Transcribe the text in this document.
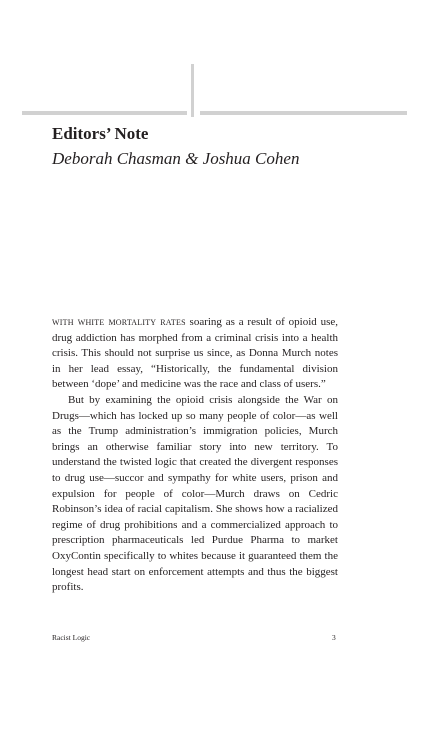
Editors’ Note
Deborah Chasman & Joshua Cohen

with white mortality rates soaring as a result of opioid use, drug addiction has morphed from a criminal crisis into a health crisis. This should not surprise us since, as Donna Murch notes in her lead essay, “Historically, the fundamental division between ‘dope’ and medicine was the race and class of users.”

But by examining the opioid crisis alongside the War on Drugs—which has locked up so many people of color—as well as the Trump administration’s immigration policies, Murch brings an otherwise familiar story into new territory. To understand the twisted logic that created the divergent responses to drug use—succor and sympathy for white users, prison and expulsion for people of color—Murch draws on Cedric Robinson’s idea of racial capitalism. She shows how a racialized regime of drug prohibitions and a commercialized approach to prescription pharmaceuticals led Purdue Pharma to market OxyContin specifically to whites because it guaranteed them the longest head start on enforcement attempts and thus the biggest profits.

Racist Logic	3
